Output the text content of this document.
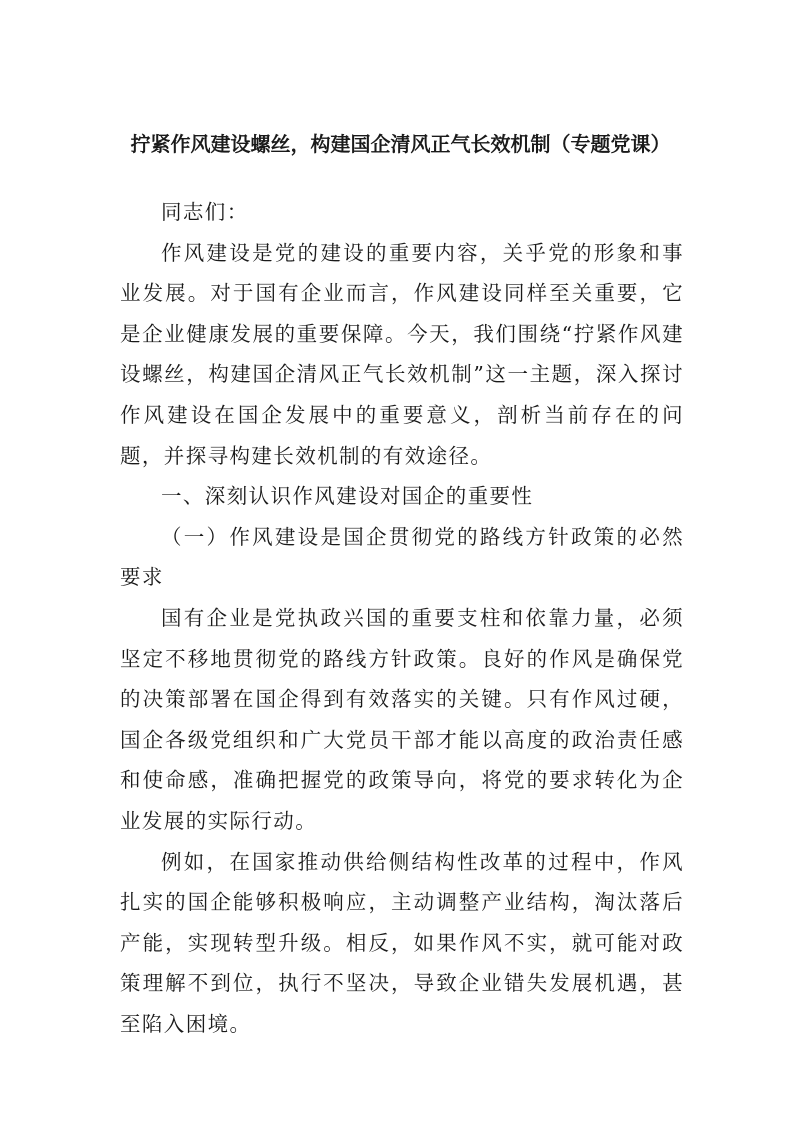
拧紧作风建设螺丝，构建国企清风正气长效机制（专题党课）

同志们：

作风建设是党的建设的重要内容，关乎党的形象和事业发展。对于国有企业而言，作风建设同样至关重要，它是企业健康发展的重要保障。今天，我们围绕“拧紧作风建设螺丝，构建国企清风正气长效机制”这一主题，深入探讨作风建设在国企发展中的重要意义，剖析当前存在的问题，并探寻构建长效机制的有效途径。

一、深刻认识作风建设对国企的重要性

（一）作风建设是国企贯彻党的路线方针政策的必然要求

国有企业是党执政兴国的重要支柱和依靠力量，必须坚定不移地贯彻党的路线方针政策。良好的作风是确保党的决策部署在国企得到有效落实的关键。只有作风过硬，国企各级党组织和广大党员干部才能以高度的政治责任感和使命感，准确把握党的政策导向，将党的要求转化为企业发展的实际行动。

例如，在国家推动供给侧结构性改革的过程中，作风扎实的国企能够积极响应，主动调整产业结构，淘汰落后产能，实现转型升级。相反，如果作风不实，就可能对政策理解不到位，执行不坚决，导致企业错失发展机遇，甚至陷入困境。
